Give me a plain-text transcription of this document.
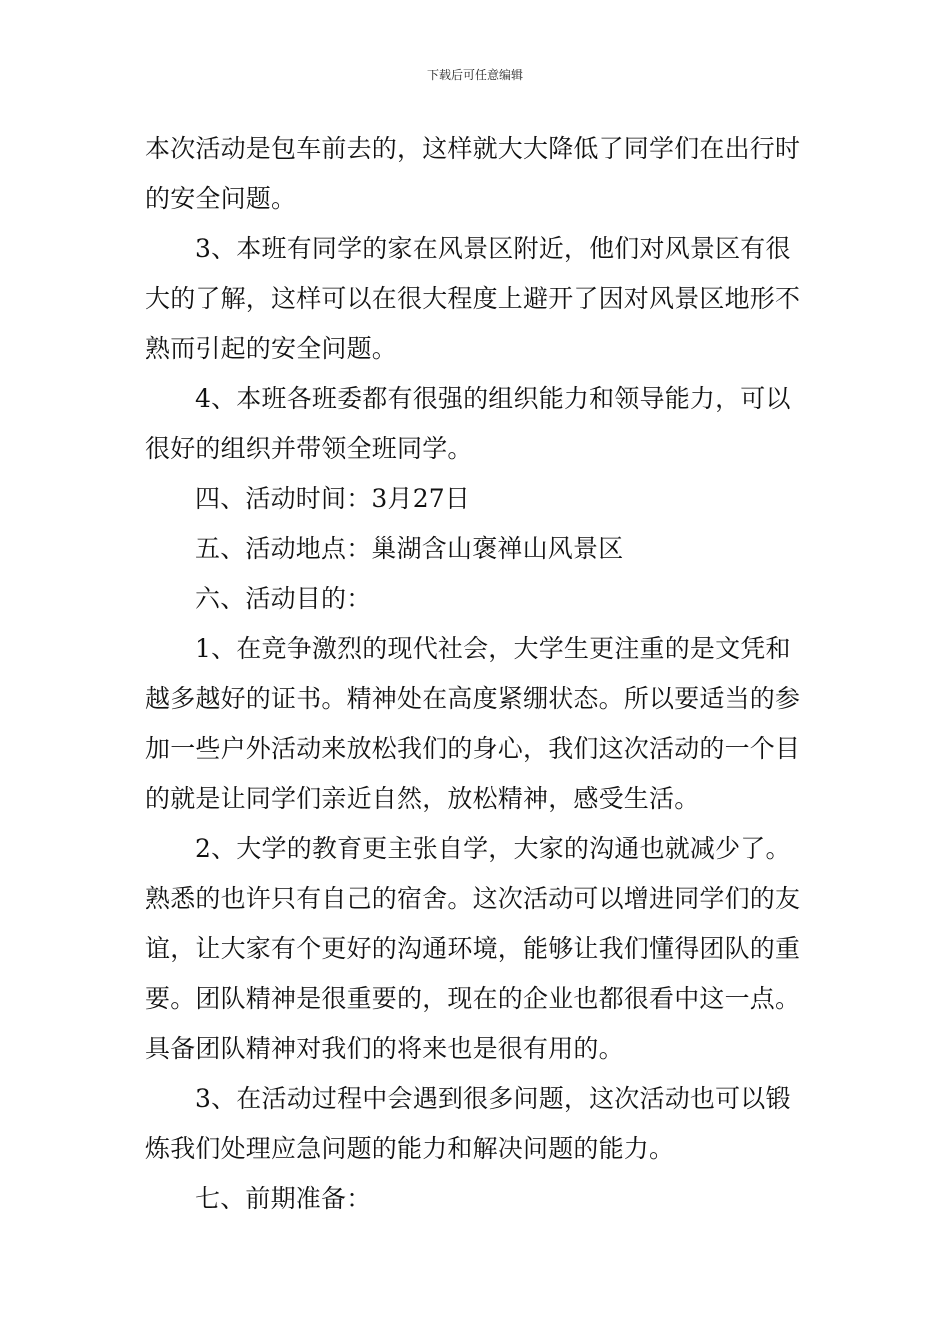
下载后可任意编辑

本次活动是包车前去的，这样就大大降低了同学们在出行时的安全问题。

3、本班有同学的家在风景区附近，他们对风景区有很大的了解，这样可以在很大程度上避开了因对风景区地形不熟而引起的安全问题。

4、本班各班委都有很强的组织能力和领导能力，可以很好的组织并带领全班同学。

四、活动时间：3月27日

五、活动地点：巢湖含山褒禅山风景区

六、活动目的：

1、在竞争激烈的现代社会，大学生更注重的是文凭和越多越好的证书。精神处在高度紧绷状态。所以要适当的参加一些户外活动来放松我们的身心，我们这次活动的一个目的就是让同学们亲近自然，放松精神，感受生活。

2、大学的教育更主张自学，大家的沟通也就减少了。熟悉的也许只有自己的宿舍。这次活动可以增进同学们的友谊，让大家有个更好的沟通环境，能够让我们懂得团队的重要。团队精神是很重要的，现在的企业也都很看中这一点。具备团队精神对我们的将来也是很有用的。

3、在活动过程中会遇到很多问题，这次活动也可以锻炼我们处理应急问题的能力和解决问题的能力。

七、前期准备：
